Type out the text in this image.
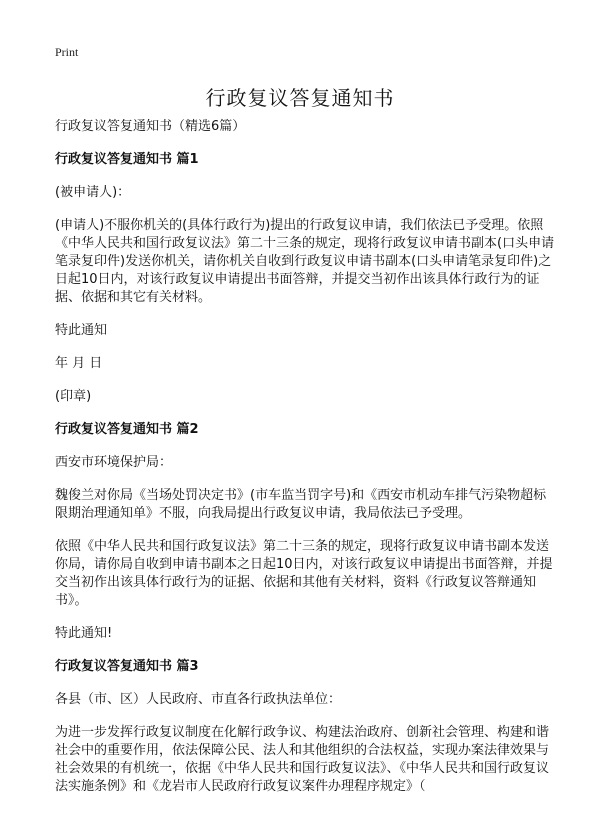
Print
行政复议答复通知书

行政复议答复通知书（精选6篇）

行政复议答复通知书 篇1

(被申请人)：

(申请人)不服你机关的(具体行政行为)提出的行政复议申请，我们依法已予受理。依照《中华人民共和国行政复议法》第二十三条的规定，现将行政复议申请书副本(口头申请笔录复印件)发送你机关，请你机关自收到行政复议申请书副本(口头申请笔录复印件)之日起10日内，对该行政复议申请提出书面答辩，并提交当初作出该具体行政行为的证据、依据和其它有关材料。

特此通知

年 月 日

(印章)

行政复议答复通知书 篇2

西安市环境保护局：

魏俊兰对你局《当场处罚决定书》(市车监当罚字号)和《西安市机动车排气污染物超标限期治理通知单》不服，向我局提出行政复议申请，我局依法已予受理。

依照《中华人民共和国行政复议法》第二十三条的规定，现将行政复议申请书副本发送你局，请你局自收到申请书副本之日起10日内，对该行政复议申请提出书面答辩，并提交当初作出该具体行政行为的证据、依据和其他有关材料，资料《行政复议答辩通知书》。

特此通知!

行政复议答复通知书 篇3

各县（市、区）人民政府、市直各行政执法单位：

为进一步发挥行政复议制度在化解行政争议、构建法治政府、创新社会管理、构建和谐社会中的重要作用，依法保障公民、法人和其他组织的合法权益，实现办案法律效果与社会效果的有机统一，依据《中华人民共和国行政复议法》、《中华人民共和国行政复议法实施条例》和《龙岩市人民政府行政复议案件办理程序规定》（
